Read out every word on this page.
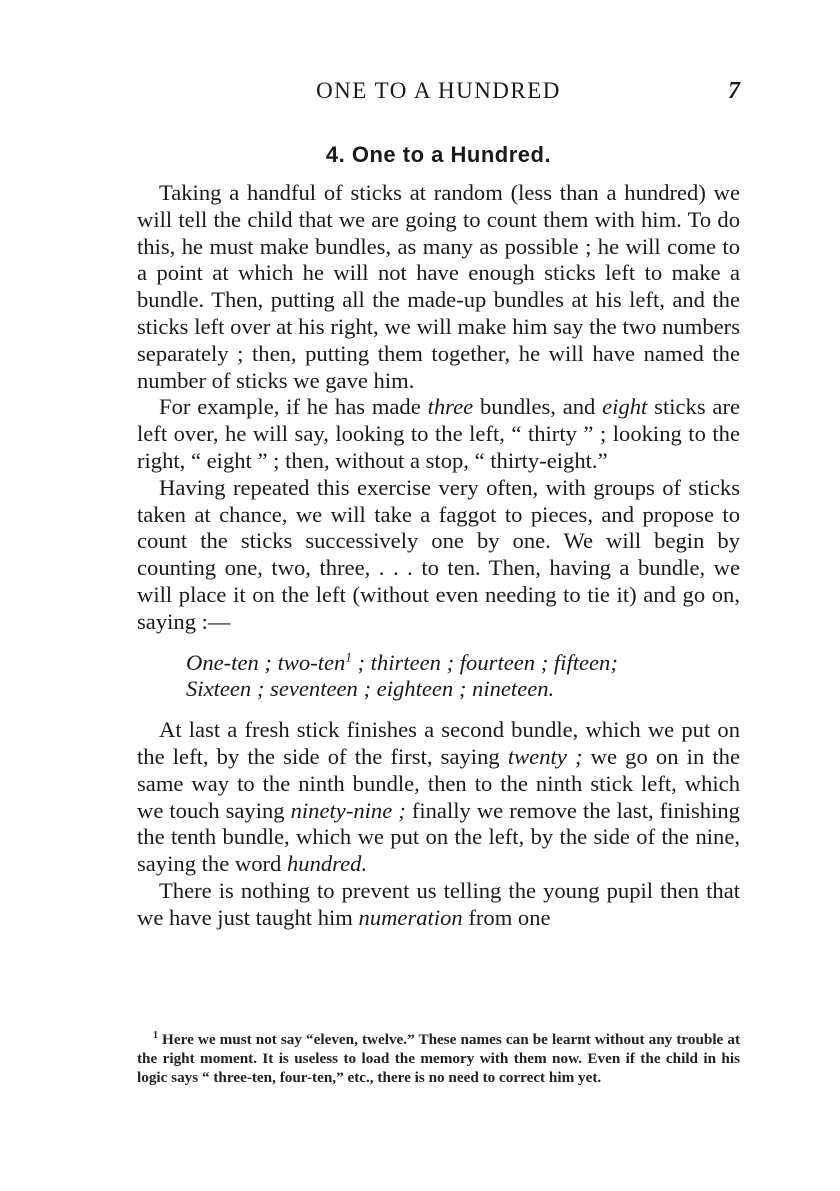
ONE TO A HUNDRED	7
4. One to a Hundred.

Taking a handful of sticks at random (less than a hundred) we will tell the child that we are going to count them with him. To do this, he must make bundles, as many as possible ; he will come to a point at which he will not have enough sticks left to make a bundle. Then, putting all the made-up bundles at his left, and the sticks left over at his right, we will make him say the two numbers separately ; then, putting them together, he will have named the number of sticks we gave him.

For example, if he has made three bundles, and eight sticks are left over, he will say, looking to the left, “ thirty ” ; looking to the right, “ eight ” ; then, without a stop, “ thirty-eight.”

Having repeated this exercise very often, with groups of sticks taken at chance, we will take a faggot to pieces, and propose to count the sticks successively one by one. We will begin by counting one, two, three, . . . to ten. Then, having a bundle, we will place it on the left (without even needing to tie it) and go on, saying :—

One-ten ; two-ten$^1$ ; thirteen ; fourteen ; fifteen;
Sixteen ; seventeen ; eighteen ; nineteen.

At last a fresh stick finishes a second bundle, which we put on the left, by the side of the first, saying twenty ; we go on in the same way to the ninth bundle, then to the ninth stick left, which we touch saying ninety-nine ; finally we remove the last, finishing the tenth bundle, which we put on the left, by the side of the nine, saying the word hundred.

There is nothing to prevent us telling the young pupil then that we have just taught him numeration from one

$^1$ Here we must not say “eleven, twelve.” These names can be learnt without any trouble at the right moment. It is useless to load the memory with them now. Even if the child in his logic says “ three-ten, four-ten,” etc., there is no need to correct him yet.
